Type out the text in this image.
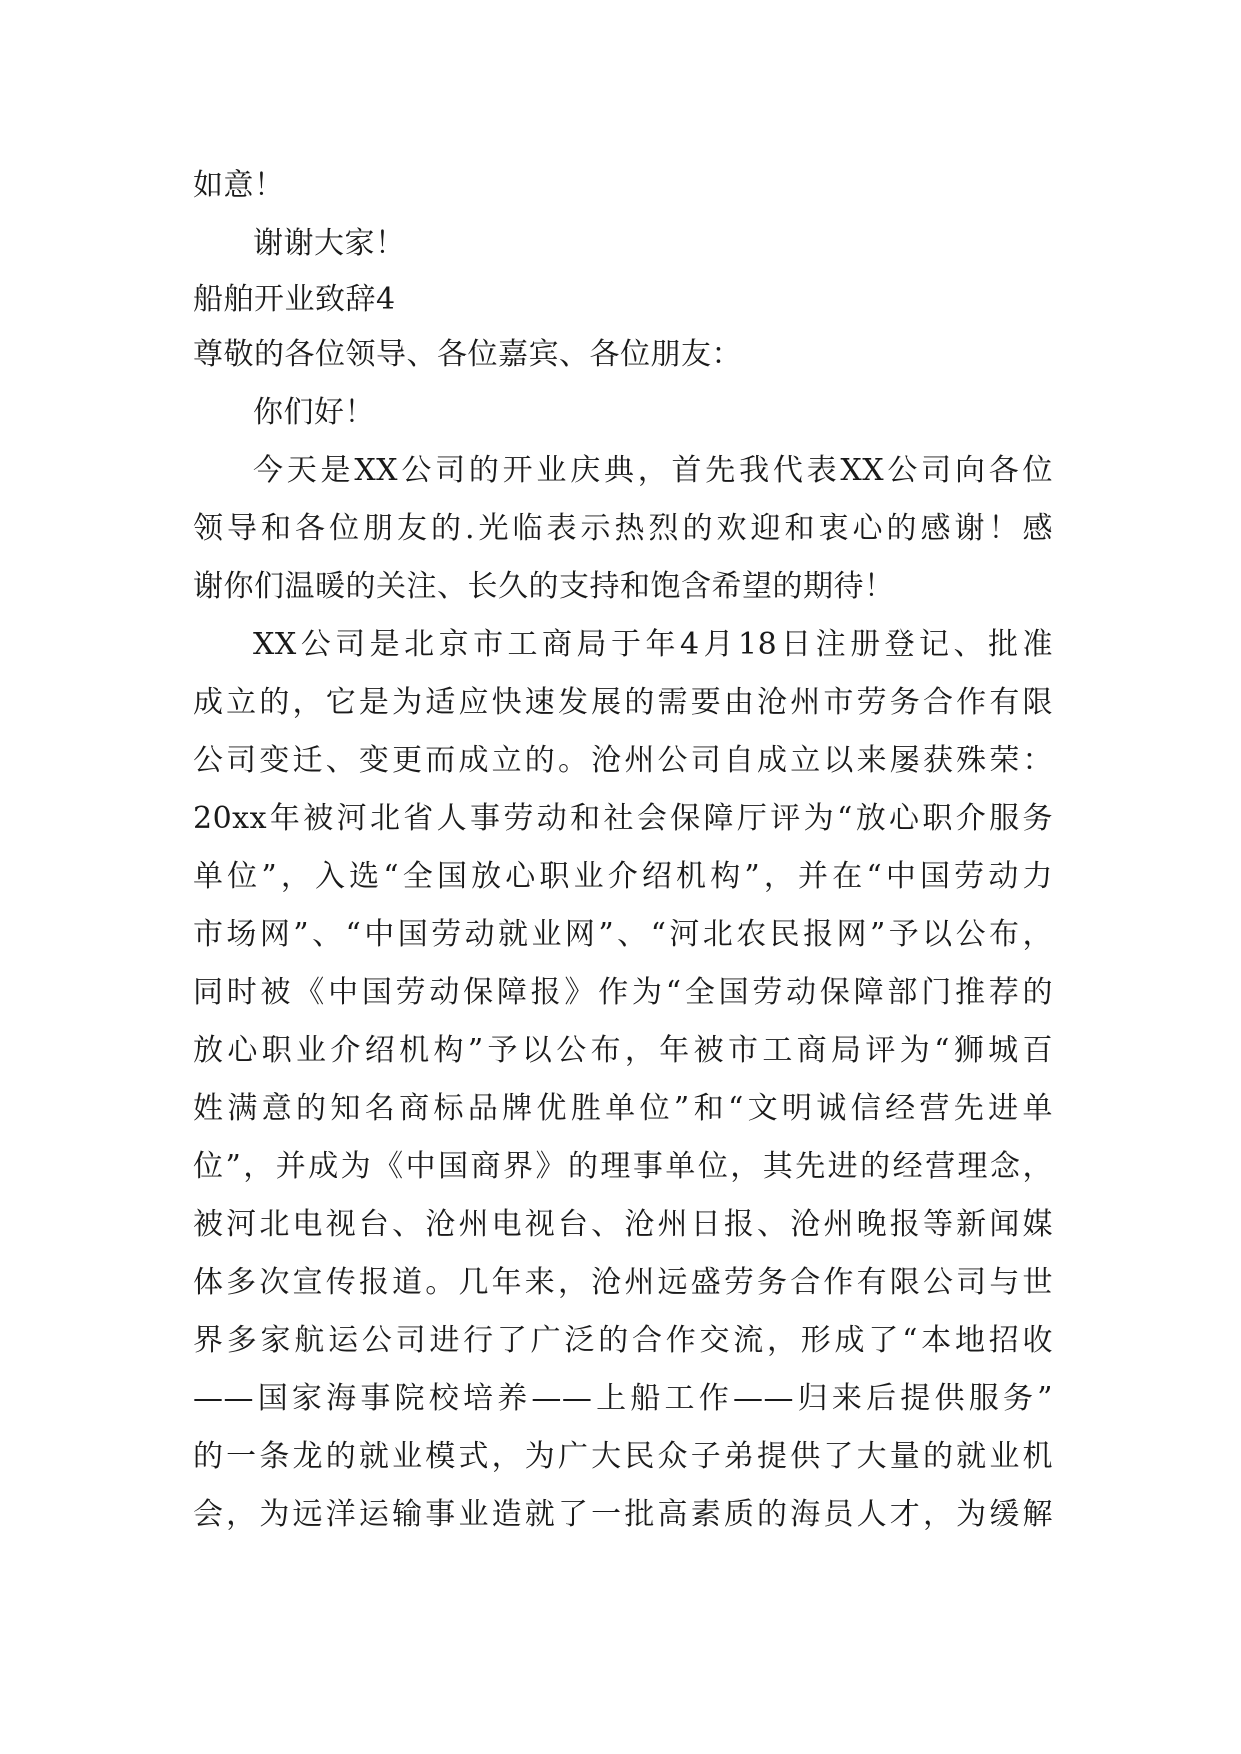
如意！
谢谢大家！
船舶开业致辞4
尊敬的各位领导、各位嘉宾、各位朋友：
你们好！
今天是XX公司的开业庆典，首先我代表XX公司向各位
领导和各位朋友的.光临表示热烈的欢迎和衷心的感谢！感
谢你们温暖的关注、长久的支持和饱含希望的期待！
XX公司是北京市工商局于年4月18日注册登记、批准
成立的，它是为适应快速发展的需要由沧州市劳务合作有限
公司变迁、变更而成立的。沧州公司自成立以来屡获殊荣：
20xx年被河北省人事劳动和社会保障厅评为“放心职介服务
单位”，入选“全国放心职业介绍机构”，并在“中国劳动力
市场网”、“中国劳动就业网”、“河北农民报网”予以公布，
同时被《中国劳动保障报》作为“全国劳动保障部门推荐的
放心职业介绍机构”予以公布，年被市工商局评为“狮城百
姓满意的知名商标品牌优胜单位”和“文明诚信经营先进单
位”，并成为《中国商界》的理事单位，其先进的经营理念，
被河北电视台、沧州电视台、沧州日报、沧州晚报等新闻媒
体多次宣传报道。几年来，沧州远盛劳务合作有限公司与世
界多家航运公司进行了广泛的合作交流，形成了“本地招收
——国家海事院校培养——上船工作——归来后提供服务”
的一条龙的就业模式，为广大民众子弟提供了大量的就业机
会，为远洋运输事业造就了一批高素质的海员人才，为缓解
